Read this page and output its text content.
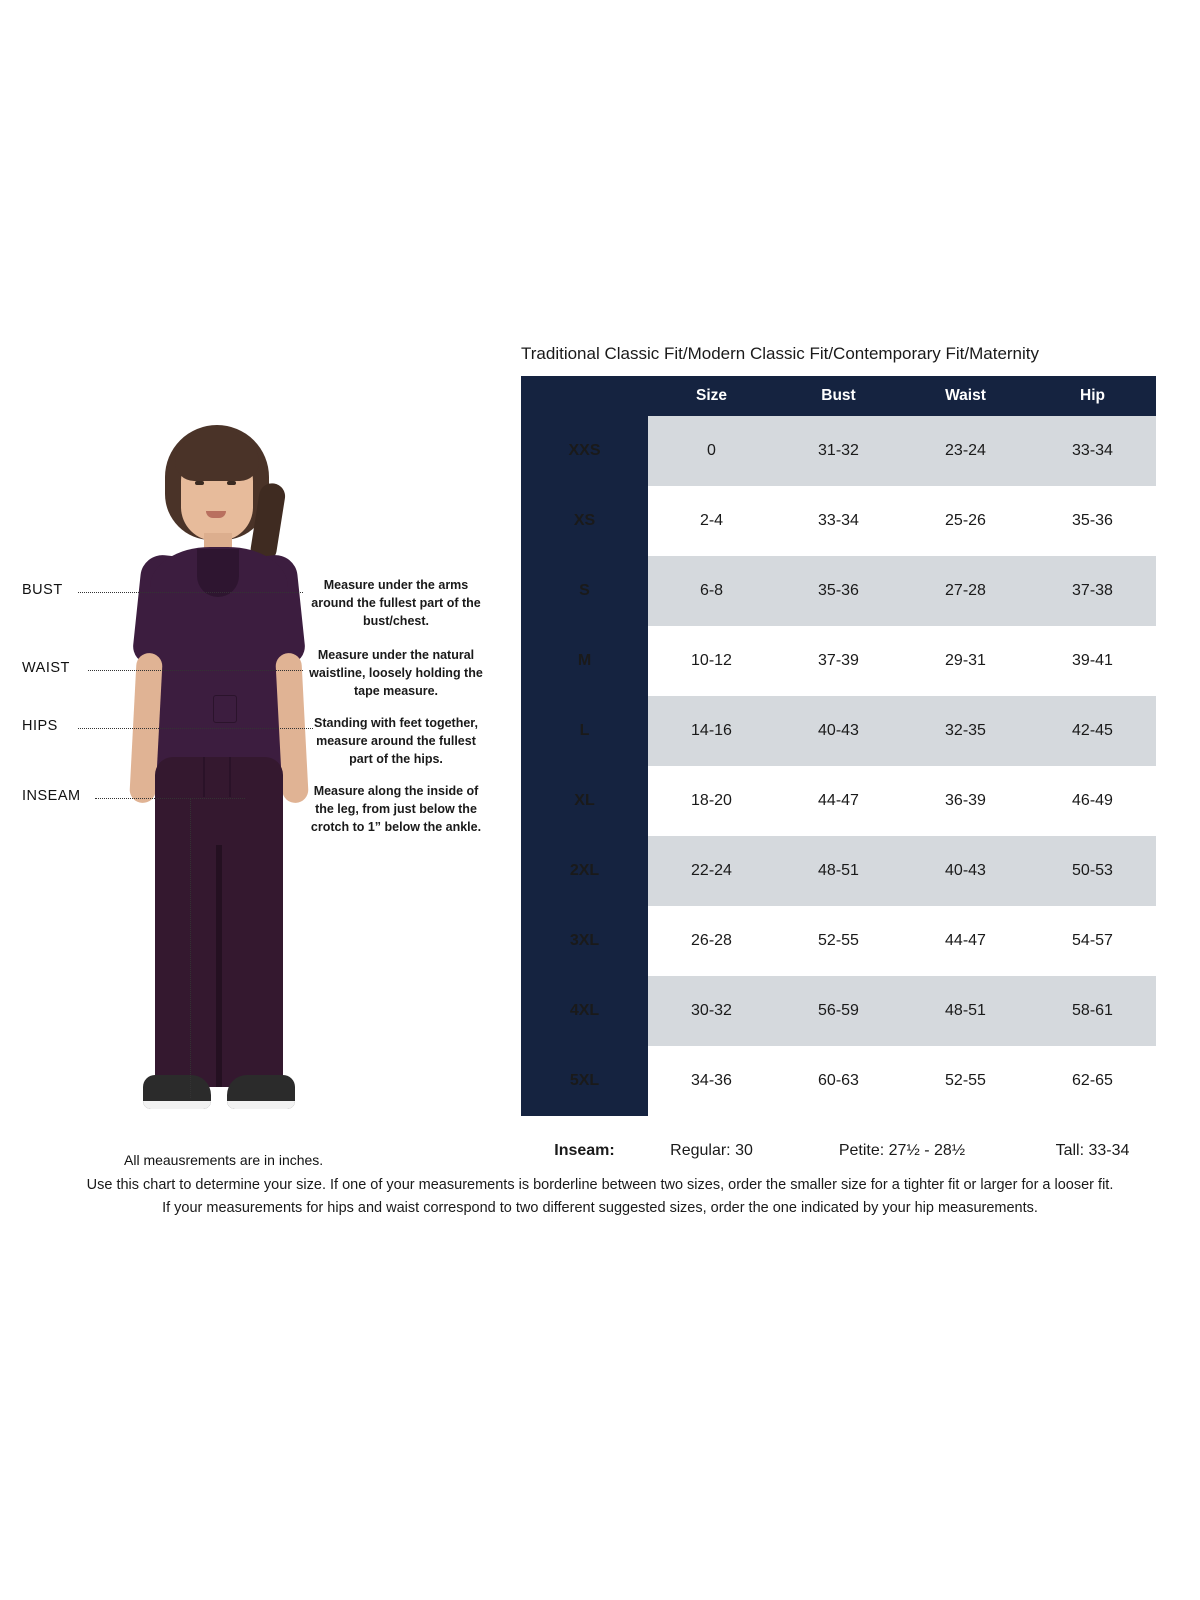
BUST
WAIST
HIPS
INSEAM
Measure under the arms around the fullest part of the bust/chest.
Measure under the natural waistline, loosely holding the tape measure.
Standing with feet together, measure around the fullest part of the hips.
Measure along the inside of the leg, from just below the crotch to 1” below the ankle.
All meausrements are in inches.
Traditional Classic Fit/Modern Classic Fit/Contemporary Fit/Maternity
	Size	Bust	Waist	Hip
XXS	0	31-32	23-24	33-34
XS	2-4	33-34	25-26	35-36
S	6-8	35-36	27-28	37-38
M	10-12	37-39	29-31	39-41
L	14-16	40-43	32-35	42-45
XL	18-20	44-47	36-39	46-49
2XL	22-24	48-51	40-43	50-53
3XL	26-28	52-55	44-47	54-57
4XL	30-32	56-59	48-51	58-61
5XL	34-36	60-63	52-55	62-65
Inseam:	Regular: 30	Petite: 27½ - 28½		Tall: 33-34
Use this chart to determine your size. If one of your measurements is borderline between two sizes, order the smaller size for a tighter fit or larger for a looser fit.
If your measurements for hips and waist correspond to two different suggested sizes, order the one indicated by your hip measurements.
